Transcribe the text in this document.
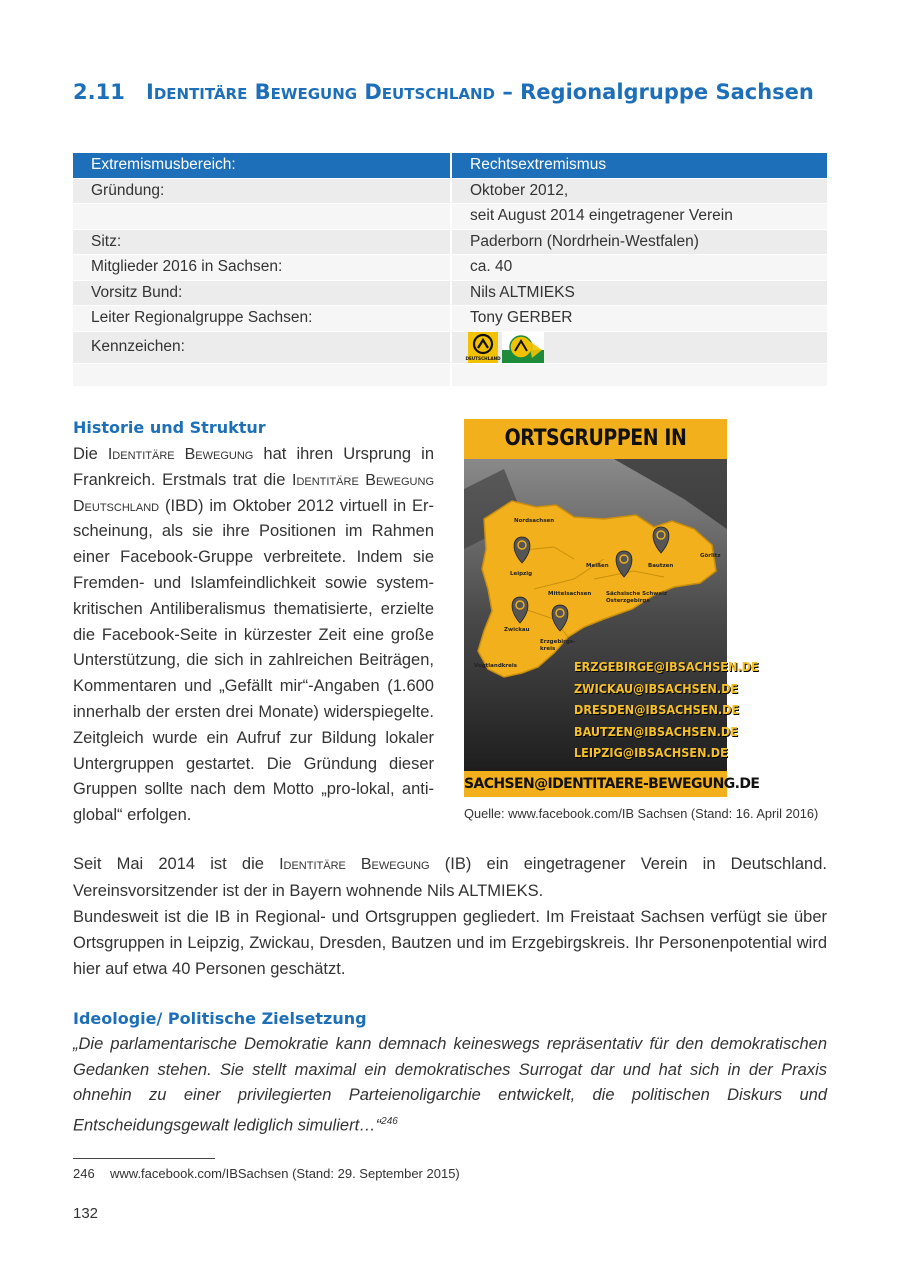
2.11 Identitäre Bewegung Deutschland – Regionalgruppe Sachsen
Extremismusbereich:	Rechtsextremismus
Gründung:	Oktober 2012,
	seit August 2014 eingetragener Verein
Sitz:	Paderborn (Nordrhein-Westfalen)
Mitglieder 2016 in Sachsen:	ca. 40
Vorsitz Bund:	Nils ALTMIEKS
Leiter Regionalgruppe Sachsen:	Tony GERBER
Kennzeichen:	DEUTSCHLAND

Historie und Struktur
Die Identitäre Bewegung hat ihren Ursprung in Frankreich. Erstmals trat die Identitäre Bewegung Deutschland (IBD) im Oktober 2012 virtuell in Erscheinung, als sie ihre Positionen im Rahmen einer Facebook-Gruppe verbreitete. Indem sie Fremden- und Islamfeindlichkeit sowie systemkritischen Antiliberalismus thematisierte, erzielte die Facebook-Seite in kürzester Zeit eine große Unterstützung, die sich in zahlreichen Beiträgen, Kommentaren und „Gefällt mir“-Angaben (1.600 innerhalb der ersten drei Monate) widerspiegelte. Zeitgleich wurde ein Aufruf zur Bildung lokaler Untergruppen gestartet. Die Gründung dieser Gruppen sollte nach dem Motto „pro-lokal, anti-global“ erfolgen.
ORTSGRUPPEN IN
Nordsachsen
Leipzig
Meißen	Bautzen
Görlitz
Mittelsachsen	Sächsische Schweiz
Osterzgebirge
Zwickau
Erzgebirgs-
kreis
Vogtlandkreis	ERZGEBIRGE@IBSACHSEN.DE
ZWICKAU@IBSACHSEN.DE
DRESDEN@IBSACHSEN.DE
BAUTZEN@IBSACHSEN.DE
LEIPZIG@IBSACHSEN.DE
SACHSEN@IDENTITAERE-BEWEGUNG.DE
Quelle: www.facebook.com/IB Sachsen (Stand: 16. April 2016)

Seit Mai 2014 ist die Identitäre Bewegung (IB) ein eingetragener Verein in Deutschland. Vereinsvorsitzender ist der in Bayern wohnende Nils ALTMIEKS.

Bundesweit ist die IB in Regional- und Ortsgruppen gegliedert. Im Freistaat Sachsen verfügt sie über Ortsgruppen in Leipzig, Zwickau, Dresden, Bautzen und im Erzgebirgskreis. Ihr Personenpotential wird hier auf etwa 40 Personen geschätzt.

Ideologie/ Politische Zielsetzung
„Die parlamentarische Demokratie kann demnach keineswegs repräsentativ für den demokratischen Gedanken stehen. Sie stellt maximal ein demokratisches Surrogat dar und hat sich in der Praxis ohnehin zu einer privilegierten Parteienoligarchie entwickelt, die politischen Diskurs und Entscheidungsgewalt lediglich simuliert…“$^{246}$
246 www.facebook.com/IBSachsen (Stand: 29. September 2015)
132
